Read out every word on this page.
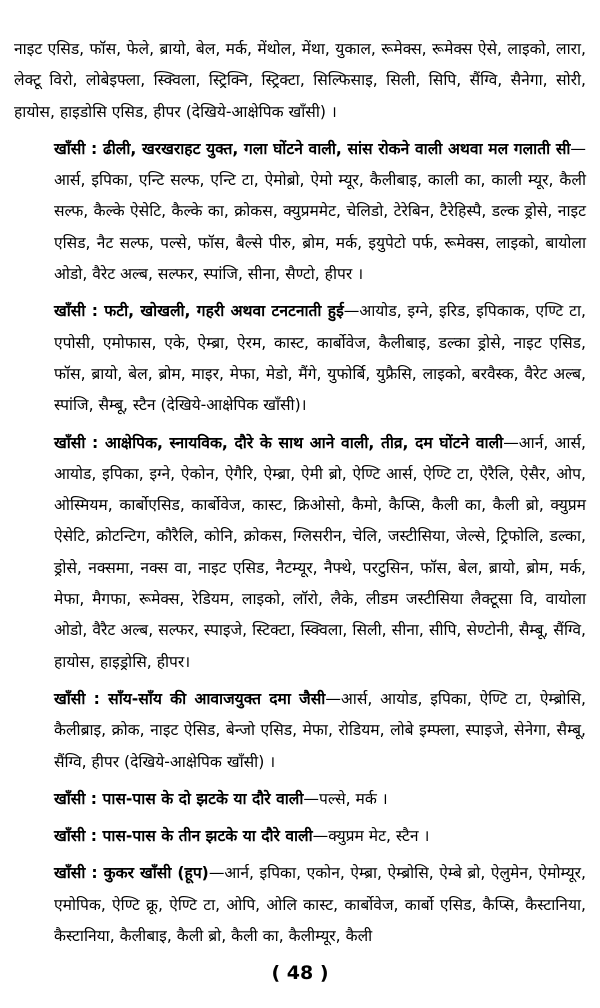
नाइट एसिड, फॉस, फेले, ब्रायो, बेल, मर्क, मेंथोल, मेंथा, युकाल, रूमेक्स, रूमेक्स ऐसे, लाइको, लारा, लेक्टू विरो, लोबेइफ्ला, स्क्विला, स्ट्रिक्नि, स्ट्रिक्टा, सिल्फिसाइ, सिली, सिपि, सैंग्वि, सैनेगा, सोरी, हायोस, हाइडोसि एसिड, हीपर (देखिये-आक्षेपिक खाँसी) ।

खाँसी : ढीली, खरखराहट युक्त, गला घोंटने वाली, सांस रोकने वाली अथवा मल गलाती सी—आर्स, इपिका, एन्टि सल्फ, एन्टि टा, ऐमोब्रो, ऐमो म्यूर, कैलीबाइ, काली का, काली म्यूर, कैली सल्फ, कैल्के ऐसेटि, कैल्के का, क्रोकस, क्युप्रममेट, चेलिडो, टेरेबिन, टैरेहिस्पै, डल्क ड्रोसे, नाइट एसिड, नैट सल्फ, पल्से, फॉस, बैल्से पीरु, ब्रोम, मर्क, इयुपेटो पर्फ, रूमेक्स, लाइको, बायोला ओडो, वैरेट अल्ब, सल्फर, स्पांजि, सीना, सैण्टो, हीपर ।

खाँसी : फटी, खोखली, गहरी अथवा टनटनाती हुई—आयोड, इग्ने, इरिड, इपिकाक, एण्टि टा, एपोसी, एमोफास, एके, ऐम्ब्रा, ऐरम, कास्ट, कार्बोवेज, कैलीबाइ, डल्का ड्रोसे, नाइट एसिड, फॉस, ब्रायो, बेल, ब्रोम, माइर, मेफा, मेडो, मैंगे, युफोर्बि, युफ्रैसि, लाइको, बरवैस्क, वैरेट अल्ब, स्पांजि, सैम्बू, स्टैन (देखिये-आक्षेपिक खाँसी)।

खाँसी : आक्षेपिक, स्नायविक, दौरे के साथ आने वाली, तीव्र, दम घोंटने वाली—आर्न, आर्स, आयोड, इपिका, इग्ने, ऐकोन, ऐगैरि, ऐम्ब्रा, ऐमी ब्रो, ऐण्टि आर्स, ऐण्टि टा, ऐरैलि, ऐसैर, ओप, ओस्मियम, कार्बोएसिड, कार्बोवेज, कास्ट, क्रिओसो, कैमो, कैप्सि, कैली का, कैली ब्रो, क्युप्रम ऐसेटि, क्रोटन्टिग, कौरैलि, कोनि, क्रोकस, ग्लिसरीन, चेलि, जस्टीसिया, जेल्से, ट्रिफोलि, डल्का, ड्रोसे, नक्समा, नक्स वा, नाइट एसिड, नैटम्यूर, नैफ्थे, परटुसिन, फॉस, बेल, ब्रायो, ब्रोम, मर्क, मेफा, मैगफा, रूमेक्स, रेडियम, लाइको, लॉरो, लैके, लीडम जस्टीसिया लैक्टूसा वि, वायोला ओडो, वैरैट अल्ब, सल्फर, स्पाइजे, स्टिक्टा, स्क्विला, सिली, सीना, सीपि, सेण्टोनी, सैम्बू, सैंग्वि, हायोस, हाइड्रोसि, हीपर।

खाँसी : साँय-साँय की आवाजयुक्त दमा जैसी—आर्स, आयोड, इपिका, ऐण्टि टा, ऐम्ब्रोसि, कैलीब्राइ, क्रोक, नाइट ऐसिड, बेन्जो एसिड, मेफा, रोडियम, लोबे इम्फ्ला, स्पाइजे, सेनेगा, सैम्बू, सैंग्वि, हीपर (देखिये-आक्षेपिक खाँसी) ।

खाँसी : पास-पास के दो झटके या दौरे वाली—पल्से, मर्क ।

खाँसी : पास-पास के तीन झटके या दौरे वाली—क्युप्रम मेट, स्टैन ।

खाँसी : कुकर खाँसी (हूप)—आर्न, इपिका, एकोन, ऐम्ब्रा, ऐम्ब्रोसि, ऐम्बे ब्रो, ऐलुमेन, ऐमोम्यूर, एमोपिक, ऐण्टि क्रू, ऐण्टि टा, ओपि, ओलि कास्ट, कार्बोवेज, कार्बो एसिड, कैप्सि, कैस्टानिया, कैस्टानिया, कैलीबाइ, कैली ब्रो, कैली का, कैलीम्यूर, कैली

( 48 )
